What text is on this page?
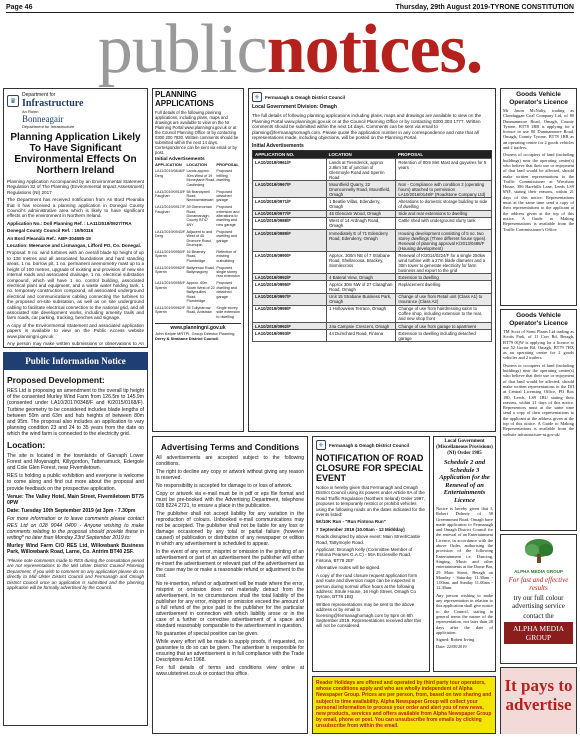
Page 46	Thursday, 29th August 2019-TYRONE CONSTITUTION
publicnotices.
♛
Department for
Infrastructure
An Roinn
Bonneagair
Depairtment fur Infrastructure
Planning Application Likely To Have Significant Environmental Effects On Northern Ireland
Planning Application Accompanied by an Environmental Statement Regulation 32 of The Planning (Environmental Impact Assessment) Regulations (NI) 2017
The Department has received notification from An Bord Pleanála that it has received a planning application in Donegal County Council's administrative area which is likely to have significant effects on the environment in Northern Ireland.
Application No.: Doll Planning Ref. : LA11/2019/0927/TRA
Donegal County Council Ref. : 19/50116
An Bord Pleanála Ref.: ABP-304685-19
Location: Meenaroe and Lismangan, Lifford PO, Co. Donegal.
Proposal: 9 no. wind turbines with an overall blade tip height of up to 136 metres and all associated foundations and hard standing areas, 1 no. borrow pit, 1 no. permanent anemometry mast up to a height of 100 metres, upgrade of existing and provision of new site internal roads and associated drainage, 1 no. electrical substation compound, which will have 1 no. control building, associated electrical plant and equipment, and a waste water holding tank, 1 no. temporary construction compound, all associated underground electrical and communications cabling connecting the turbines to the proposed on-site substation, as well as on site underground cabling to facilitate electrical connection to the national grid, and all associated site development works, including amenity trails and farm roads, car parking, tracking, benches and signage.
A copy of the Environmental Statement and associated application papers is available to view on the Public Access website www.planningni.gov.uk
Any person may make written submissions or observations to An
Public Information Notice
Proposed Development:
RES Ltd is proposing an amendment to the overall tip height of the consented Murley Wind Farm from 126.5m to 145.9m (consented under LA10/2017/0348/F and K/2015/0168/F). Turbine geometry to be considered includes blade lengths of between 50m and 63m and hub heights of between 80m and 95m. The proposal also includes an application to vary planning condition 23 and 24 to 35 years from the date on which the wind farm is connected to the electricity grid.
Location:
The site is located in the townlands of Garvaph Lower Forest and Moysnaght, Killygordon, Tattenamuck, Edergole and Cole Glen Forest, near Fivemiletown.
RES is holding a public exhibition and everyone is welcome to come along and find out more about the proposal and provide feedback on the prospective application.
Venue: The Valley Hotel, Main Street, Fivemiletown BT75 0PW
Date: Tuesday 10th September 2019 (at 3pm - 7.30pm
For more information or to leave comments please contact RES Ltd on 028 9044 0400 - Anyone wishing to make comments relating to the proposal should provide these in writing* no later than Monday 23rd September 2019 to:
Murley Wind Farm C/O RES Ltd, Willowbank Business Park, Willowbank Road, Larne, Co. Antrim BT40 2SF.
*Please note comments made to RES during the consultation period are not representations to the Mid Ulster District Council Planning Department. If you wish to comment on any application please do so directly to Mid Ulster District Council and Fermanagh and Omagh District Council once an application is submitted and the planning application will be formally advertised by the Council.
PLANNING APPLICATIONS
Full details of the following planning applications, including plans, maps and drawings are available to view on the NI Planning Portal www.planningni.gov.uk or at the Council Planning Office or by contacting 0300 200 7830. Written comments should be submitted within the next 14 days. Correspondence can be sent via email or by post.
Initial Advertisements
APPLICATION	LOCATION	PROPOSAL
LA11/2019/0846/F Derg	Lands approx. 30m West of 19 Moneylane Road, Castlederg	Proposed infilling dwelling
LA11/2019/0915/F Faughan	58 Brandywell Road, Newtownstewart	Proposed detached garage
LA11/2019/0917/F Faughan	39 Glenmornan Road, Dunamanagh, County BT47 4NY	Proposed extension and alterations to dwelling and new garage
LA11/2019/0943/F Derg	Adjacent to and West of 45 Dromore Road, Drumquin	Proposed dwelling and garage
LA11/2019/0950/F Sperrin	16 Bearney Road, Plumbridge	Retention of existing outbuilding
LA11/2019/0952/F Sperrin	Ballyrenan Road, Ballymagorry	Proposed single storey rear extension
LA11/2019/0955/F Sperrin	Approx. 60m South West of 22 Ballymullins Road, Plumbridge	Proposed dwelling and detached garage
LA11/2019/0962/F Sperrin	35 Tullyharrow Road, Ardstraw	Single storey side extension to dwelling
www.planningni.gov.uk
John Kelpie MRTPI, Group Director Planning
Derry & Strabane District Council
Advertising Terms and Conditions
All advertisements are accepted subject to the following conditions.
The right to decline any copy or artwork without giving any reason is reserved.
No responsibility is accepted for damage to or loss of artwork.
Copy or artwork via e-mail must be in pdf or eps file format and must be pre-booked with the Advertising Department, telephone 028 8224 2721, to ensure a place in the publication.
The publisher shall not accept liability for any variation in the reproduction of colours. Unbooked e-mail communications may not be accepted. The publisher shall not be liable for any loss or damage occasioned by any total or partial failure (however caused) of publication or distribution of any newspaper or edition in which any advertisement is scheduled to appear.
In the event of any error, misprint or omission in the printing of an advertisement or part of an advertisement the publisher will either re-insert the advertisement or relevant part of the advertisement as the case may be or make a reasonable refund or adjustment to the cost.
No re-insertion, refund or adjustment will be made where the error, misprint or omission does not materially detract from the advertisement. In no circumstances shall the total liability of the publisher for any error, misprint or omission exceed the amount of a full refund of the price paid to the publisher for the particular advertisement in connection with which liability arose or in the case of a further or corrective advertisement of a space and standard reasonably comparable to the advertisement in question.
No guarantee of special position can be given.
While every effort will be made to supply proofs, if requested, no guarantee to do so can be given. The advertiser is responsible for ensuring that an advertisement is in full compliance with the Trade Descriptions Act 1968.
For full details of terms and conditions view online at www.ulsterinet.co.uk or contact this office.
⚜	Fermanagh & Omagh District Council
Local Government Division: Omagh
The full details of following planning applications including plans, maps and drawings are available to view on the Planning Portal www.planningni.gov.uk or at the Council Planning Office or by contacting 0300 303 1777. Written comments should be submitted within the next 14 days. Comments can be sent via email to planning@fermanaghomagh.com. Please quote the application number in any correspondence and note that all representations made, including objections, will be posted on the Planning Portal.
Initial Advertisements
APPLICATION NO.	LOCATION	PROPOSAL
LA10/2019/0961/F	Lands at Tirenderick, approx 2.8km SE of junction of Glenmoyle Road and Sperrin Road	Retention of 80m Met Mast and guywires for 5 years
LA10/2019/0967/F	Mountfield Quarry, 22 Drumconnelly Road, Mountfield, Omagh	Non - Compliance with condition 2 (operating hours) attached to permission LA10/2016/0148/F (Roadstone Company Ltd)
LA10/2019/0971/F	1 Beatlie Villas, Edenderry, Omagh	Alterations to domestic storage building to side of dwelling
LA10/2019/0977/F	45 Glencam Wood, Omagh	Side and rear extensions to dwelling
LA10/2019/0988/F	West of 14 Ardnagh Road, Omagh	Cattle shed with underground slurry tank
LA10/2019/0989/F	Immediately E of 71 Edenderry Road, Edenderry, Omagh	Housing development consisting of 5 no. two storey dwellings (Three different house types). Renewal of planning approval K/2013/0488/F (Housing development)
LA10/2019/0990/F	Approx. 300m NE of 7 Strabane Road, Shellaroosa, Brackey, Sixmilecross	Renewal of K/2014/0224/F for a single 250kw wind turbine with a 27m blade diameter and a 30m tower to generate electricity for farm business and export to the grid
LA10/2019/0992/F	4 Bateral View, Omagh	Extension to dwelling
LA10/2019/0995/F	Approx 30m NW of 27 Claraghan Road, Omagh	Replacement dwelling
LA10/2019/0997/F	Unit 15 Strabane Business Park, Omagh	Change of use from Retail unit (Class A1) to Insurance (Class A2)
LA10/2019/0999/F	1 Hollowview Terrace, Omagh	Change of use from hairdressing salon to Coffee shop, including extension to the rear, and new shop front
LA10/2019/0992/F	24a Campsie Crescent, Omagh	Change of use from garage to apartment
LA10/2019/0993/F	44 Dumchard Road, Fintona	Extension to dwelling including detached garage
⚜	Fermanagh & Omagh District Council
NOTIFICATION OF ROAD CLOSURE FOR SPECIAL EVENT
Notice is hereby given that Fermanagh and Omagh District Council using its powers under Article 8A of the Road Traffic Regulation (Northern Ireland) Order 1997, proposes to temporarily restrict or prohibit vehicles using the following roads on the dates indicated for the events listed:
5K/10K Run - "Run Fintona Run"
7 September 2019 (10.00am - 12 Middday)
Roads disrupted by above event: Main Street/Castle Road, Tattymoyle Road.
Applicant: Bronagh Kelly (Committee Member of Fintona Pearses G.A.C) - 56A Ecclesville Road, Fintona, BT78 2EF
Alternative routes will be signed.
A copy of the road closure request application form and route and diversion maps can be inspected in person during normal office hours at the following address: Strule House, 16 High Street, Omagh Co Tyrone, BT78 1BQ
Written representations may be sent to the above address or by email to licensing@fermanaghomagh.com by 5pm on 6th September 2019. Representations received after this will not be considered.
Local Government (Miscellaneous Provisions) (NI) Order 1985
Schedule 2 and Schedule 3 Application for the Renewal of an Entertainments Licence
Notice is hereby given that I, Robert Doherty of 58 Greenmount Road, Omagh have made application to Fermanagh and Omagh District Council for the renewal of an Entertainment Licence, in accordance with the above Order, authorising the provision of the following Entertainment i.e. Dancing, Singing, Music and other entertainments at the Dome Bar, 29 Main Street, Beragh on Monday - Saturday 11.30am - 1.00am, and Sunday 11.00am - 12.30am.
Any person wishing to make any representation in relation to this application shall give notice to the Council, stating in general terms the nature of the representation, not later than 28 days after the date of application.
Signed: Robert Irving
Date: 22/08/2019
Reader Holidays are offered and operated by third party tour operators, whose conditions apply and who are wholly independent of Alpha Newspaper Group. Prices are per person, from, based on two sharing and subject to time availability. Alpha Newspaper Group will collect your personal information to process your order and alert you of new news, new products, services and offers available from Alpha Newspaper Group by email, phone or post. You can unsubscribe from emails by clicking unsubscribe from within the email.
Goods Vehicle Operator's Licence
Mr Jason McNulty, trading as Clonduggan Coal Company Ltd, of 80 Dunmanmore Road, Omagh, County Tyrone, BT78 1RR is applying for a licence to use 80 Dunmanmore Road, Omagh, County Tyrone, BT78 1RR as an operating centre for 2 goods vehicles and 2 trailers.
Owners of occupiers of land (including buildings) near the operating centre(s) who believe that their use or enjoyment of that land would be affected, should make written representations to the Traffic Commissioner at Wrexham House, 386 Harehills Lane, Leeds LS9 6NF, stating their reasons, within 21 days of this notice. Representations must at the same time send a copy of their representations to the applicant at the address given at the top of this notice. A Guide to Making Representations is available from the Traffic Commissioner's Office.
Goods Vehicle Operator's Licence
TM Scott of Somi Plants Ltd trading as Scotts Park, of 11 Corr Rd, Beragh, BT79 0QW is applying for a licence to use 52 Gortin Rd, Omagh, BT79 7HX as an operating centre for 2 goods vehicles and 2 trailers.
Owners or occupiers of land (including buildings) near the operating centre(s) who believe that their use or enjoyment of that land would be affected, should make written representations to the DfI at Central Licensing Office, PO Box 180, Leeds, LS9 1BU stating their reasons, within 21 days of this notice. Representors must at the same time send a copy of their representations to the applicant at the address given at the top of this notice. A Guide to Making Representations is available from the website infrastructure-ni.gov.uk/
ALPHA MEDIA GROUP
For fast and effective results
try our full colour advertising service
contact the
ALPHA MEDIA GROUP
It pays to
advertise
